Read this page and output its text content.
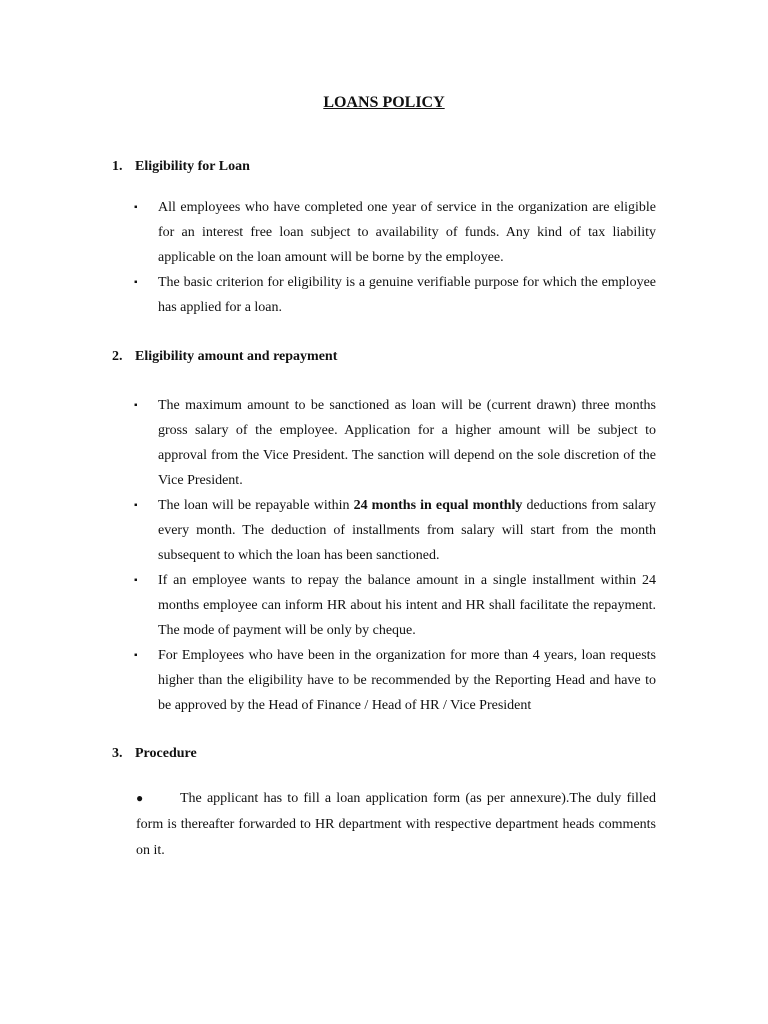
LOANS POLICY
1. Eligibility for Loan
▪	All employees who have completed one year of service in the organization are eligible for an interest free loan subject to availability of funds. Any kind of tax liability applicable on the loan amount will be borne by the employee.
▪	The basic criterion for eligibility is a genuine verifiable purpose for which the employee has applied for a loan.
2. Eligibility amount and repayment
▪	The maximum amount to be sanctioned as loan will be (current drawn) three months gross salary of the employee. Application for a higher amount will be subject to approval from the Vice President. The sanction will depend on the sole discretion of the Vice President.
▪	The loan will be repayable within 24 months in equal monthly deductions from salary every month. The deduction of installments from salary will start from the month subsequent to which the loan has been sanctioned.
▪	If an employee wants to repay the balance amount in a single installment within 24 months employee can inform HR about his intent and HR shall facilitate the repayment. The mode of payment will be only by cheque.
▪	For Employees who have been in the organization for more than 4 years, loan requests higher than the eligibility have to be recommended by the Reporting Head and have to be approved by the Head of Finance / Head of HR / Vice President
3. Procedure
●	The applicant has to fill a loan application form (as per annexure).The duly filled form is thereafter forwarded to HR department with respective department heads comments on it.
